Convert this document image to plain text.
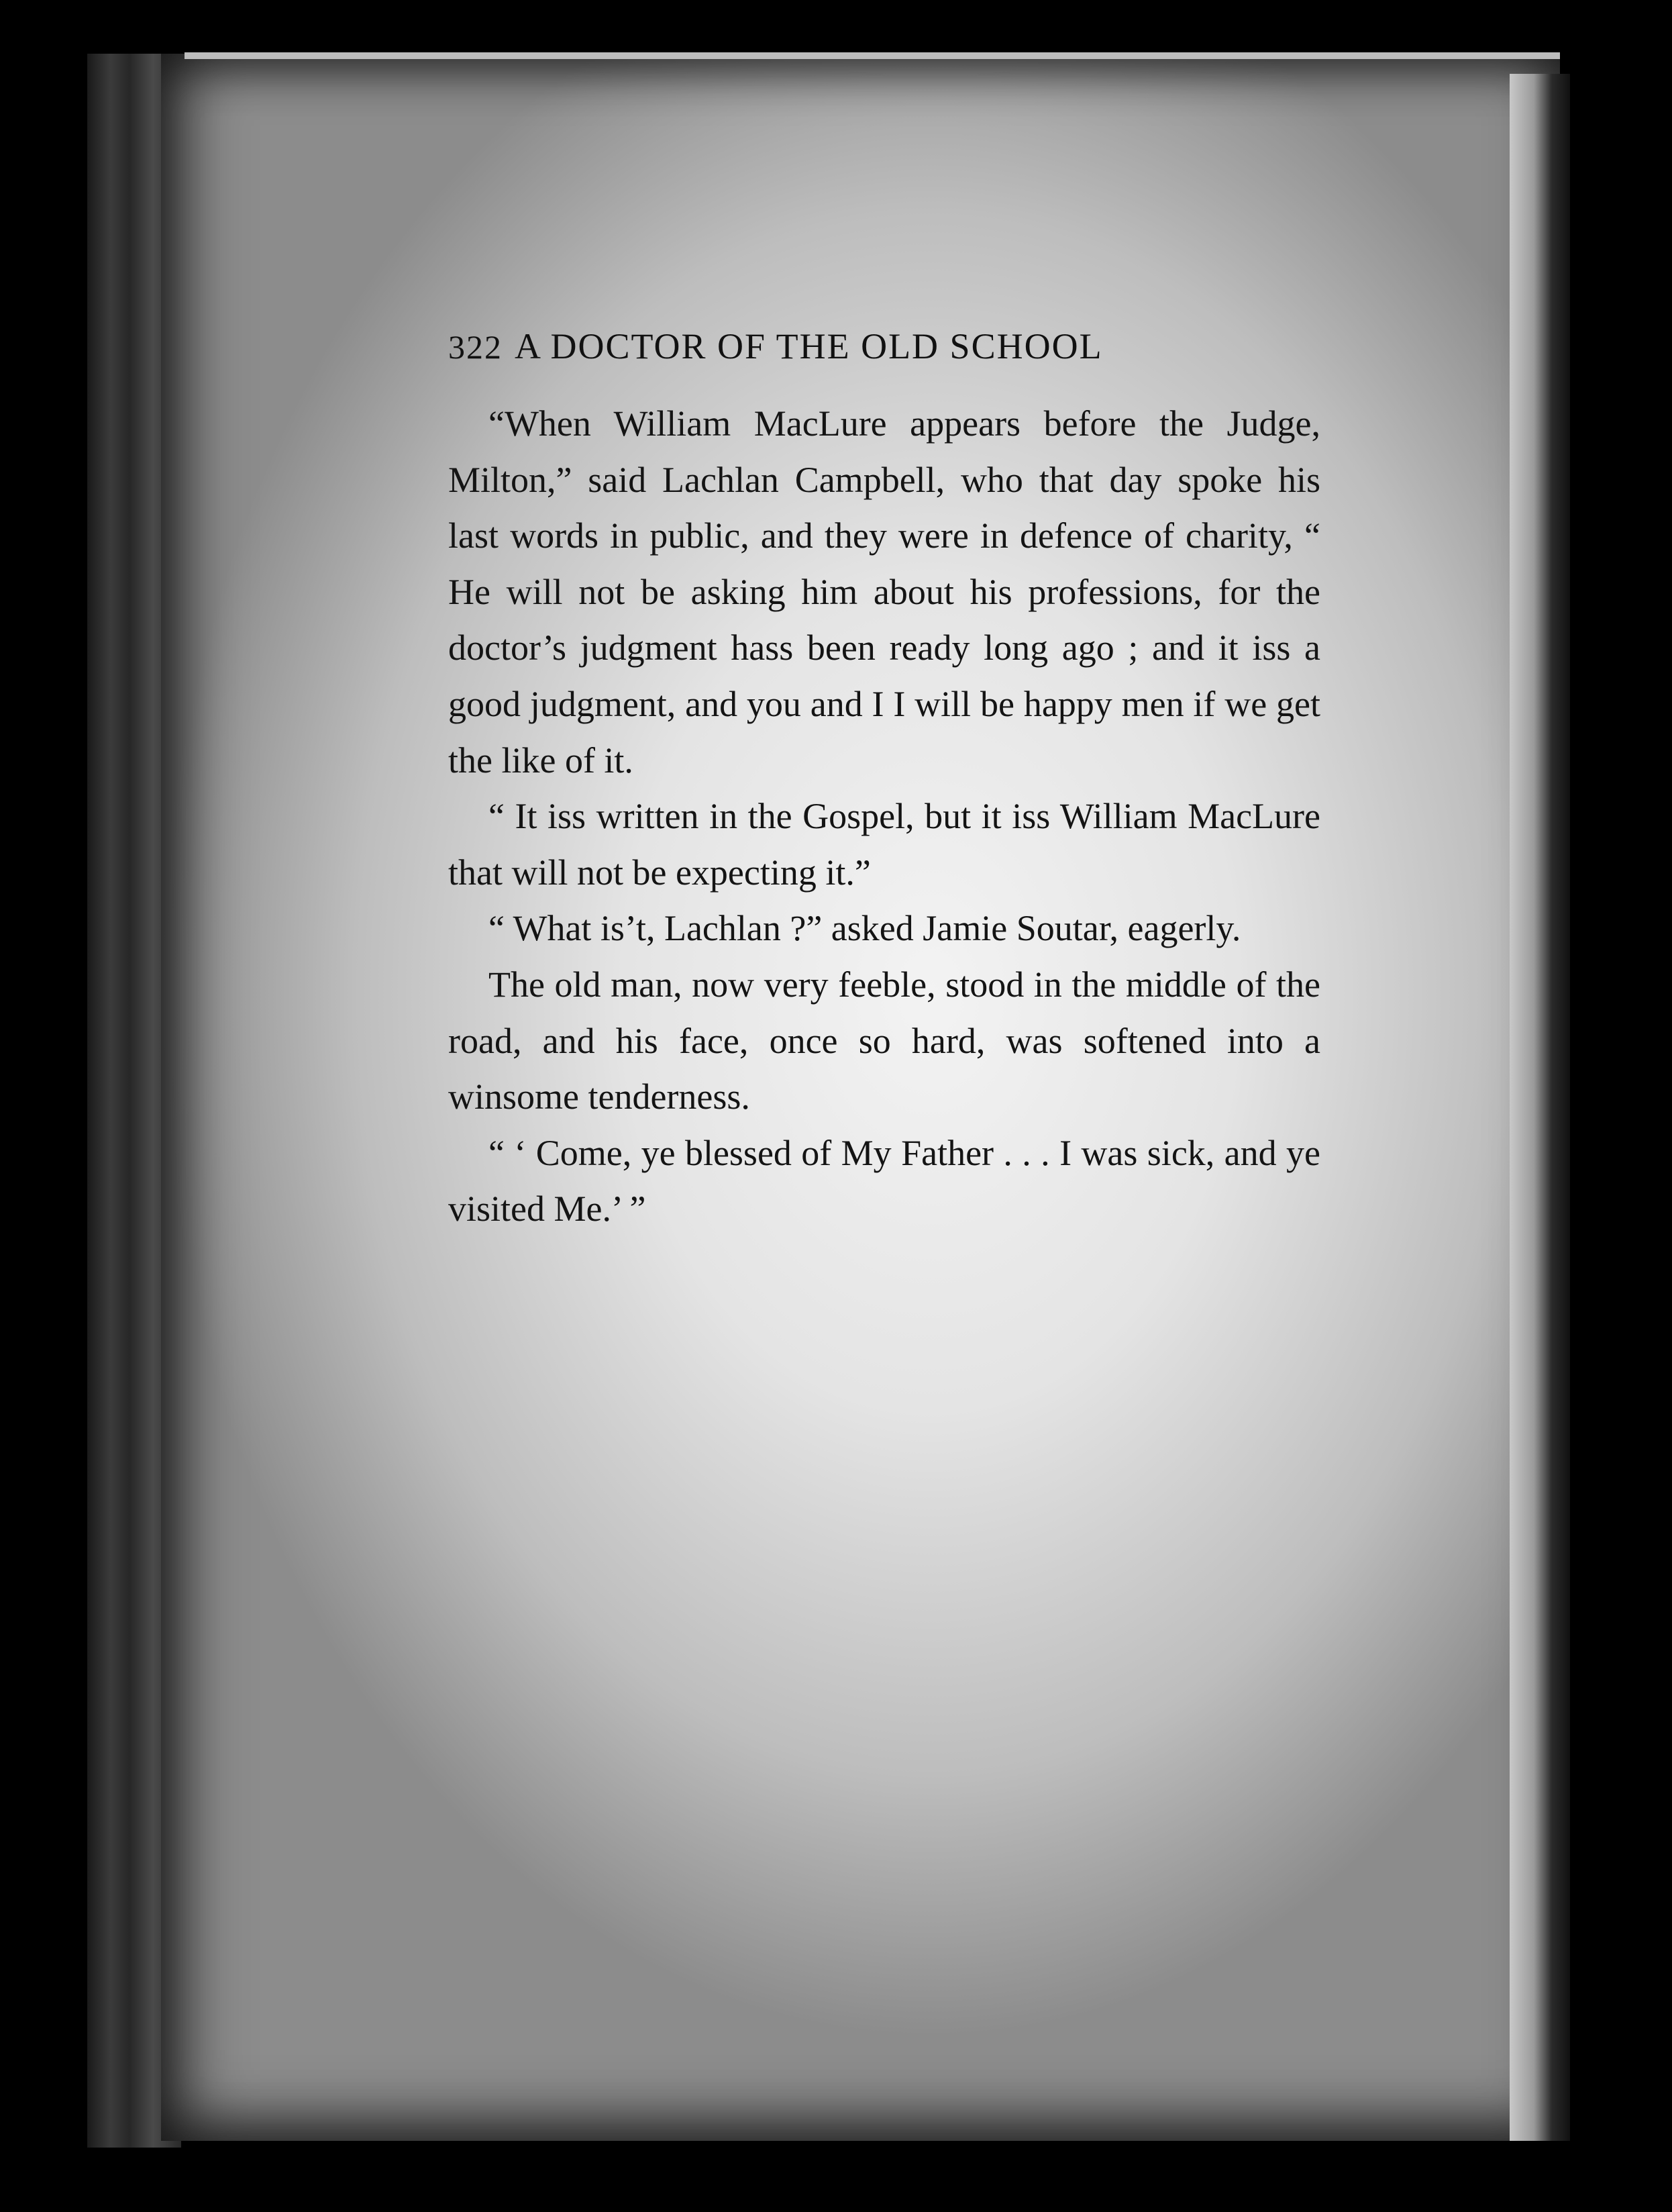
322 A DOCTOR OF THE OLD SCHOOL

“When William MacLure appears before the Judge, Milton,” said Lachlan Campbell, who that day spoke his last words in public, and they were in defence of charity, “ He will not be asking him about his professions, for the doctor’s judgment hass been ready long ago ; and it iss a good judgment, and you and I I will be happy men if we get the like of it.

“ It iss written in the Gospel, but it iss William MacLure that will not be expecting it.”

“ What is’t, Lachlan ?” asked Jamie Soutar, eagerly.

The old man, now very feeble, stood in the middle of the road, and his face, once so hard, was softened into a winsome tenderness.

“ ‘ Come, ye blessed of My Father . . . I was sick, and ye visited Me.’ ”
